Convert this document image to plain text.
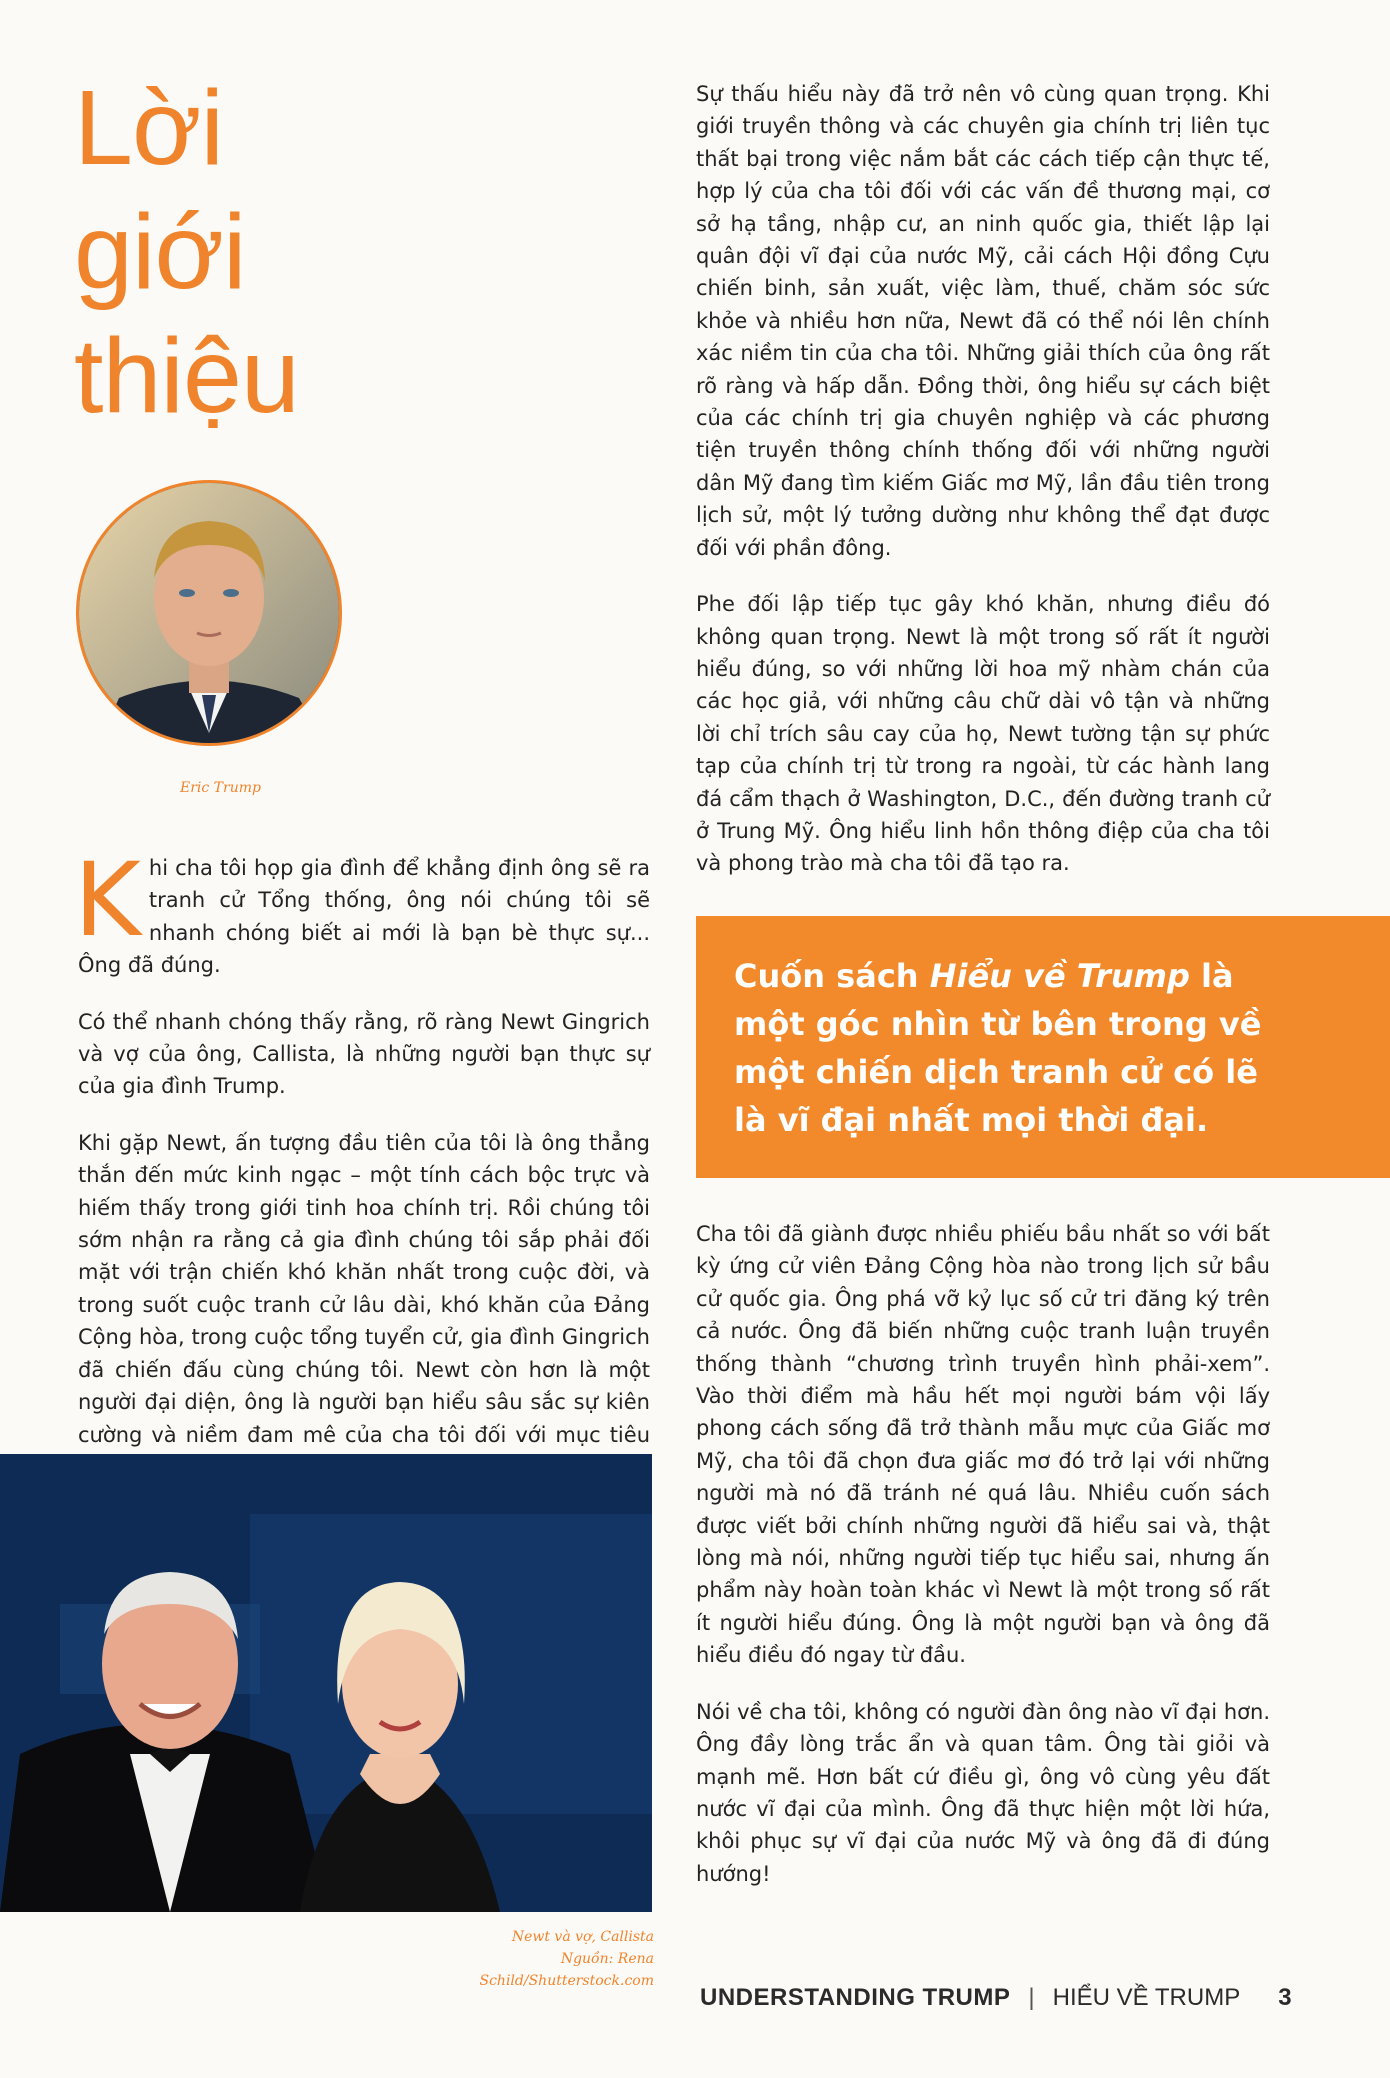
Lời
giới
thiệu
Eric Trump

Khi cha tôi họp gia đình để khẳng định ông sẽ ra tranh cử Tổng thống, ông nói chúng tôi sẽ nhanh chóng biết ai mới là bạn bè thực sự... Ông đã đúng.

Có thể nhanh chóng thấy rằng, rõ ràng Newt Gingrich và vợ của ông, Callista, là những người bạn thực sự của gia đình Trump.

Khi gặp Newt, ấn tượng đầu tiên của tôi là ông thẳng thắn đến mức kinh ngạc – một tính cách bộc trực và hiếm thấy trong giới tinh hoa chính trị. Rồi chúng tôi sớm nhận ra rằng cả gia đình chúng tôi sắp phải đối mặt với trận chiến khó khăn nhất trong cuộc đời, và trong suốt cuộc tranh cử lâu dài, khó khăn của Đảng Cộng hòa, trong cuộc tổng tuyển cử, gia đình Gingrich đã chiến đấu cùng chúng tôi. Newt còn hơn là một người đại diện, ông là người bạn hiểu sâu sắc sự kiên cường và niềm đam mê của cha tôi đối với mục tiêu

Newt và vợ, Callista
Nguồn: Rena Schild/Shutterstock.com

Sự thấu hiểu này đã trở nên vô cùng quan trọng. Khi giới truyền thông và các chuyên gia chính trị liên tục thất bại trong việc nắm bắt các cách tiếp cận thực tế, hợp lý của cha tôi đối với các vấn đề thương mại, cơ sở hạ tầng, nhập cư, an ninh quốc gia, thiết lập lại quân đội vĩ đại của nước Mỹ, cải cách Hội đồng Cựu chiến binh, sản xuất, việc làm, thuế, chăm sóc sức khỏe và nhiều hơn nữa, Newt đã có thể nói lên chính xác niềm tin của cha tôi. Những giải thích của ông rất rõ ràng và hấp dẫn. Đồng thời, ông hiểu sự cách biệt của các chính trị gia chuyên nghiệp và các phương tiện truyền thông chính thống đối với những người dân Mỹ đang tìm kiếm Giấc mơ Mỹ, lần đầu tiên trong lịch sử, một lý tưởng dường như không thể đạt được đối với phần đông.

Phe đối lập tiếp tục gây khó khăn, nhưng điều đó không quan trọng. Newt là một trong số rất ít người hiểu đúng, so với những lời hoa mỹ nhàm chán của các học giả, với những câu chữ dài vô tận và những lời chỉ trích sâu cay của họ, Newt tường tận sự phức tạp của chính trị từ trong ra ngoài, từ các hành lang đá cẩm thạch ở Washington, D.C., đến đường tranh cử ở Trung Mỹ. Ông hiểu linh hồn thông điệp của cha tôi và phong trào mà cha tôi đã tạo ra.

Cuốn sách Hiểu về Trump là một góc nhìn từ bên trong về một chiến dịch tranh cử có lẽ là vĩ đại nhất mọi thời đại.

Cha tôi đã giành được nhiều phiếu bầu nhất so với bất kỳ ứng cử viên Đảng Cộng hòa nào trong lịch sử bầu cử quốc gia. Ông phá vỡ kỷ lục số cử tri đăng ký trên cả nước. Ông đã biến những cuộc tranh luận truyền thống thành “chương trình truyền hình phải-xem”. Vào thời điểm mà hầu hết mọi người bám vội lấy phong cách sống đã trở thành mẫu mực của Giấc mơ Mỹ, cha tôi đã chọn đưa giấc mơ đó trở lại với những người mà nó đã tránh né quá lâu. Nhiều cuốn sách được viết bởi chính những người đã hiểu sai và, thật lòng mà nói, những người tiếp tục hiểu sai, nhưng ấn phẩm này hoàn toàn khác vì Newt là một trong số rất ít người hiểu đúng. Ông là một người bạn và ông đã hiểu điều đó ngay từ đầu.

Nói về cha tôi, không có người đàn ông nào vĩ đại hơn. Ông đầy lòng trắc ẩn và quan tâm. Ông tài giỏi và mạnh mẽ. Hơn bất cứ điều gì, ông vô cùng yêu đất nước vĩ đại của mình. Ông đã thực hiện một lời hứa, khôi phục sự vĩ đại của nước Mỹ và ông đã đi đúng hướng!

UNDERSTANDING TRUMP | HIỂU VỀ TRUMP 3
